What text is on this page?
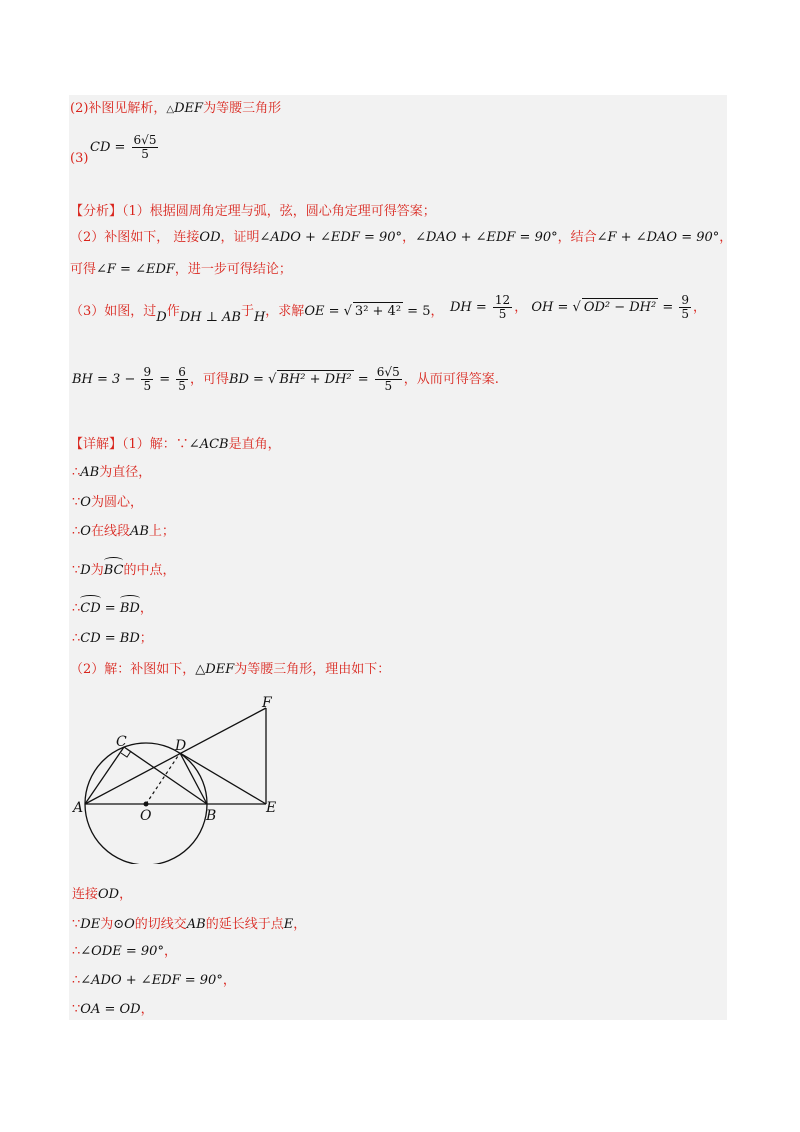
(2)补图见解析，△DEF为等腰三角形
(3)
CD = $\frac{6√5}{5}$
【分析】（1）根据圆周角定理与弧，弦，圆心角定理可得答案；
（2）补图如下， 连接OD，证明∠ADO + ∠EDF = 90°，∠DAO + ∠EDF = 90°，结合∠F + ∠DAO = 90°，
可得∠F = ∠EDF，进一步可得结论；
（3）如图，过D作DH ⊥ AB于H，求解OE = √ 3² + 4² = 5， DH = $\frac{12}{5}$ ， OH = √ $OD^2 - DH^2 = \frac{9}{5}$ ，
BH = $3 - \frac{9}{5} = \frac{6}{5}$ ，可得BD = √ $BH^2 + DH^2 = \frac{6√5}{5}$ ，从而可得答案.
【详解】（1）解：∵∠ACB是直角，
∴AB为直径，
∵O为圆心，
∴O在线段AB上；
∵D为BC的中点，
∴CD = BD，
∴CD = BD；
（2）解：补图如下，△DEF为等腰三角形，理由如下：
A	B
C	D
E
F
O
连接OD，
∵DE为⊙O的切线交AB的延长线于点E，
∴∠ODE = 90°，
∴∠ADO + ∠EDF = 90°，
∵OA = OD，
